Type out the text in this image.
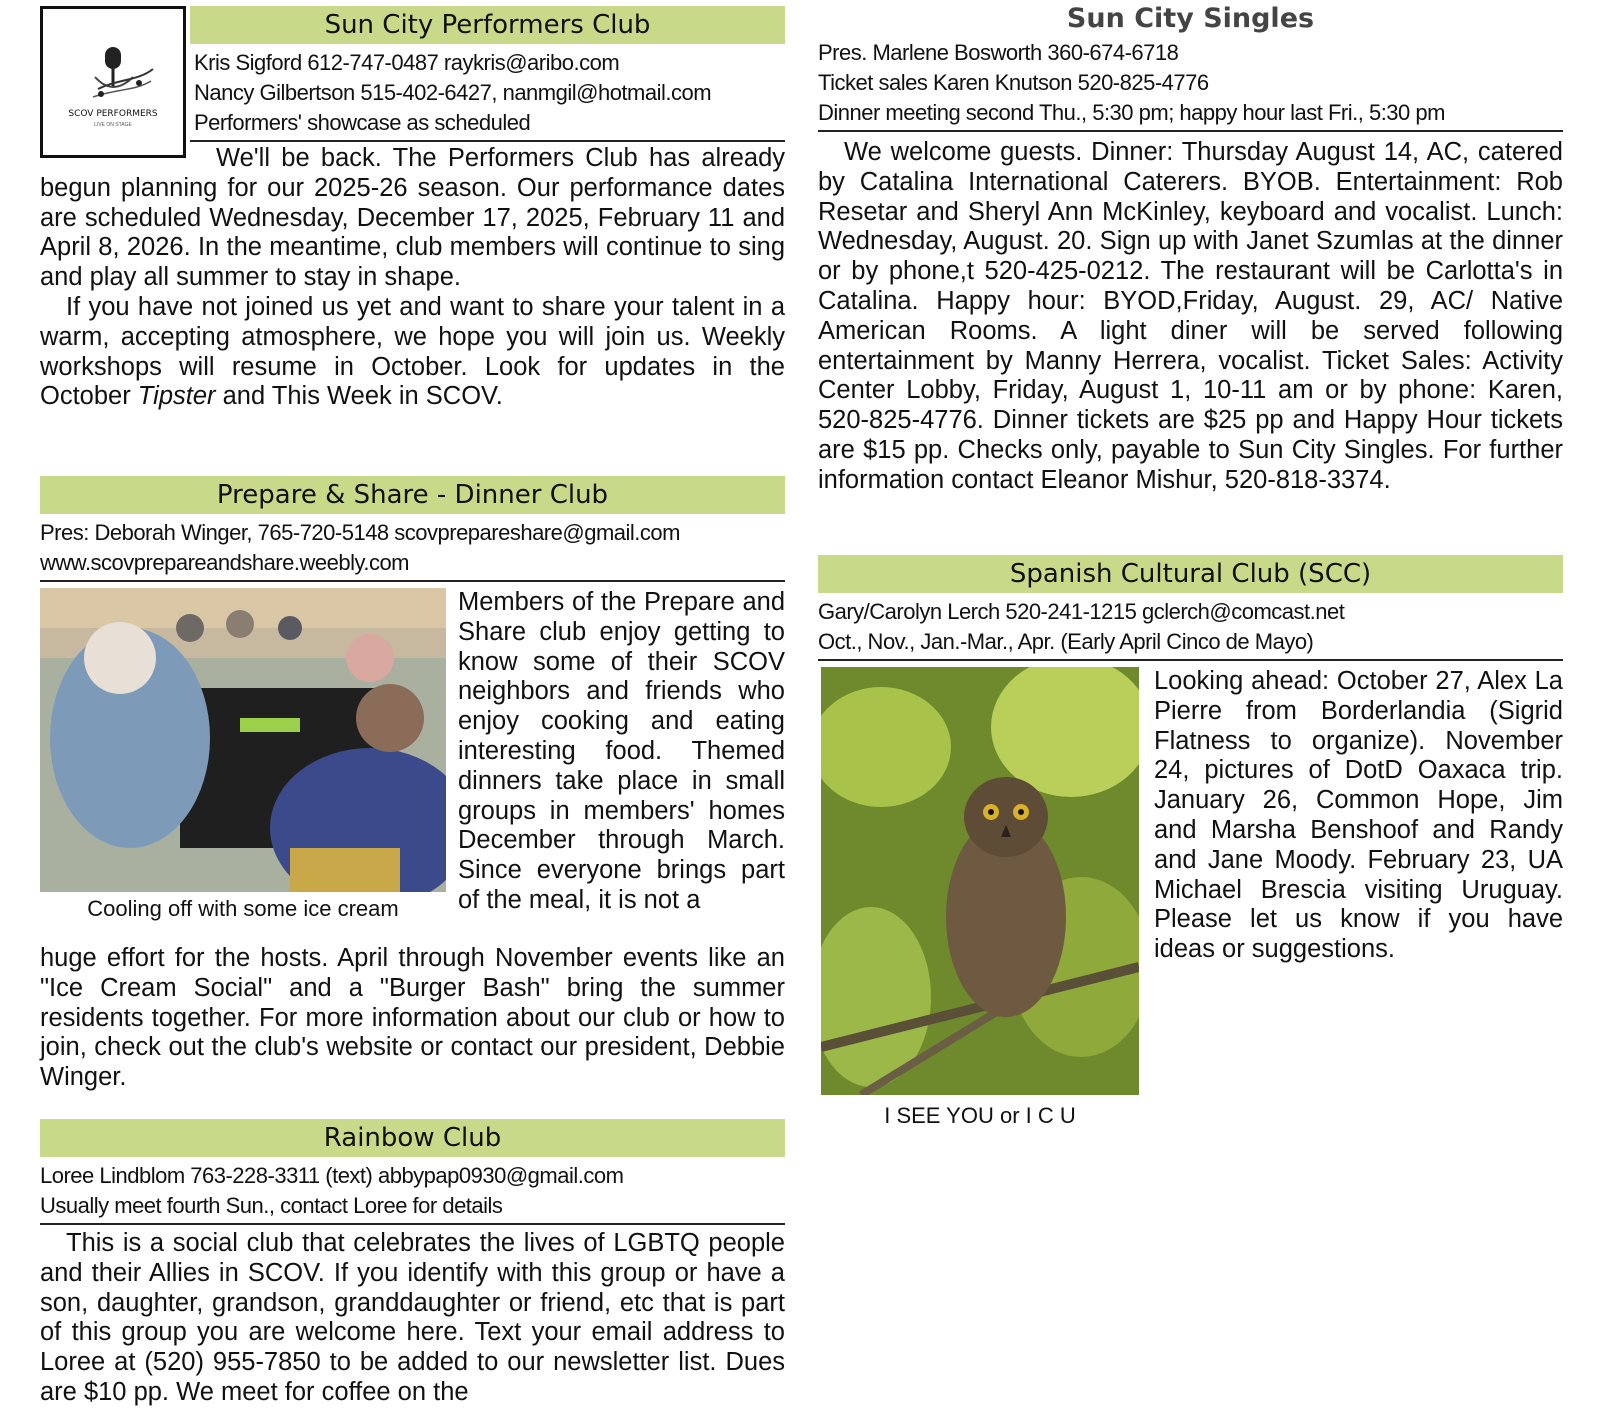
SCOV PERFORMERS
LIVE ON STAGE
Sun City Performers Club
Kris Sigford 612-747-0487 raykris@aribo.com
Nancy Gilbertson 515-402-6427, nanmgil@hotmail.com
Performers' showcase as scheduled

We'll be back. The Performers Club has already begun planning for our 2025-26 season. Our performance dates are scheduled Wednesday, December 17, 2025, February 11 and April 8, 2026. In the meantime, club members will continue to sing and play all summer to stay in shape.

If you have not joined us yet and want to share your talent in a warm, accepting atmosphere, we hope you will join us. Weekly workshops will resume in October. Look for updates in the October Tipster and This Week in SCOV.

Prepare & Share - Dinner Club
Pres: Deborah Winger, 765-720-5148 scovprepareshare@gmail.com
www.scovprepareandshare.weebly.com
Cooling off with some ice cream
Members of the Prepare and Share club enjoy getting to know some of their SCOV neighbors and friends who enjoy cooking and eating interesting food. Themed dinners take place in small groups in members' homes December through March. Since everyone brings part of the meal, it is not a
huge effort for the hosts. April through November events like an "Ice Cream Social" and a "Burger Bash" bring the summer residents together. For more information about our club or how to join, check out the club's website or contact our president, Debbie Winger.
Rainbow Club
Loree Lindblom 763-228-3311 (text) abbypap0930@gmail.com
Usually meet fourth Sun., contact Loree for details

This is a social club that celebrates the lives of LGBTQ people and their Allies in SCOV. If you identify with this group or have a son, daughter, grandson, granddaughter or friend, etc that is part of this group you are welcome here. Text your email address to Loree at (520) 955-7850 to be added to our newsletter list. Dues are $10 pp. We meet for coffee on the

Sun City Singles
Pres. Marlene Bosworth 360-674-6718
Ticket sales Karen Knutson 520-825-4776
Dinner meeting second Thu., 5:30 pm; happy hour last Fri., 5:30 pm

We welcome guests. Dinner: Thursday August 14, AC, catered by Catalina International Caterers. BYOB. Entertainment: Rob Resetar and Sheryl Ann McKinley, keyboard and vocalist. Lunch: Wednesday, August. 20. Sign up with Janet Szumlas at the dinner or by phone,t 520-425-0212. The restaurant will be Carlotta's in Catalina. Happy hour: BYOD,Friday, August. 29, AC/ Native American Rooms. A light diner will be served following entertainment by Manny Herrera, vocalist. Ticket Sales: Activity Center Lobby, Friday, August 1, 10-11 am or by phone: Karen, 520-825-4776. Dinner tickets are $25 pp and Happy Hour tickets are $15 pp. Checks only, payable to Sun City Singles. For further information contact Eleanor Mishur, 520-818-3374.

Spanish Cultural Club (SCC)
Gary/Carolyn Lerch 520-241-1215 gclerch@comcast.net
Oct., Nov., Jan.-Mar., Apr. (Early April Cinco de Mayo)
I SEE YOU or I C U
Looking ahead: October 27, Alex La Pierre from Borderlandia (Sigrid Flatness to organize). November 24, pictures of DotD Oaxaca trip. January 26, Common Hope, Jim and Marsha Benshoof and Randy and Jane Moody. February 23, UA Michael Brescia visiting Uruguay. Please let us know if you have ideas or suggestions.
